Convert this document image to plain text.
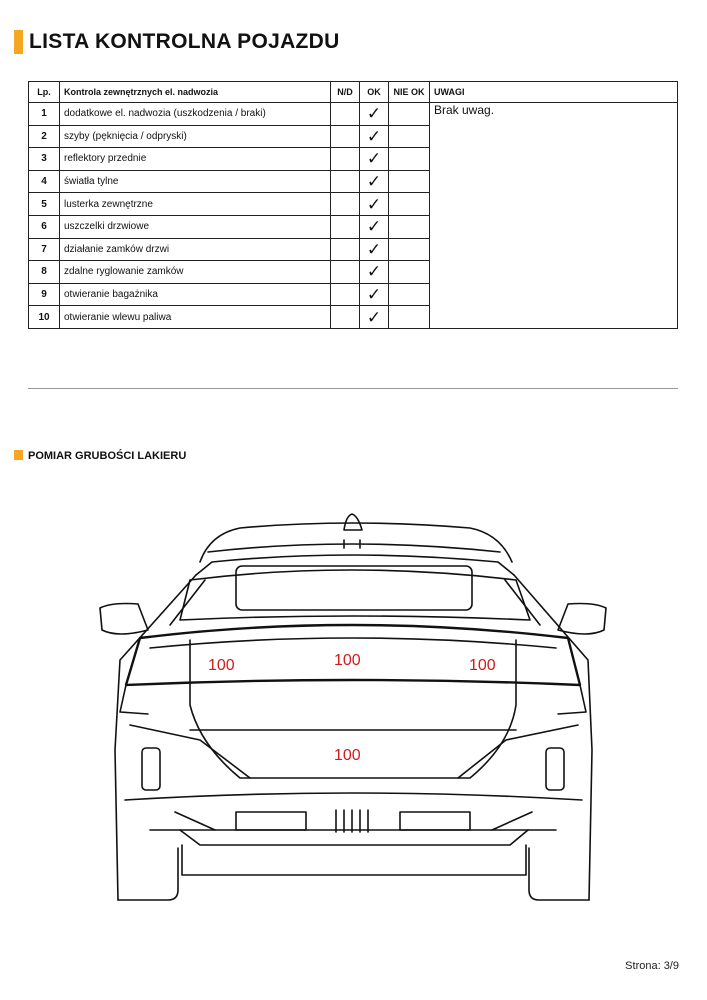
LISTA KONTROLNA POJAZDU
Lp.	Kontrola zewnętrznych el. nadwozia	N/D	OK	NIE OK	UWAGI
1	dodatkowe el. nadwozia (uszkodzenia / braki)		✓		Brak uwag.
2	szyby (pęknięcia / odpryski)		✓		
3	reflektory przednie		✓		
4	światła tylne		✓		
5	lusterka zewnętrzne		✓		
6	uszczelki drzwiowe		✓		
7	działanie zamków drzwi		✓		
8	zdalne ryglowanie zamków		✓		
9	otwieranie bagażnika		✓		
10	otwieranie wlewu paliwa		✓		
POMIAR GRUBOŚCI LAKIERU
100	100	100
100
Strona: 3/9
